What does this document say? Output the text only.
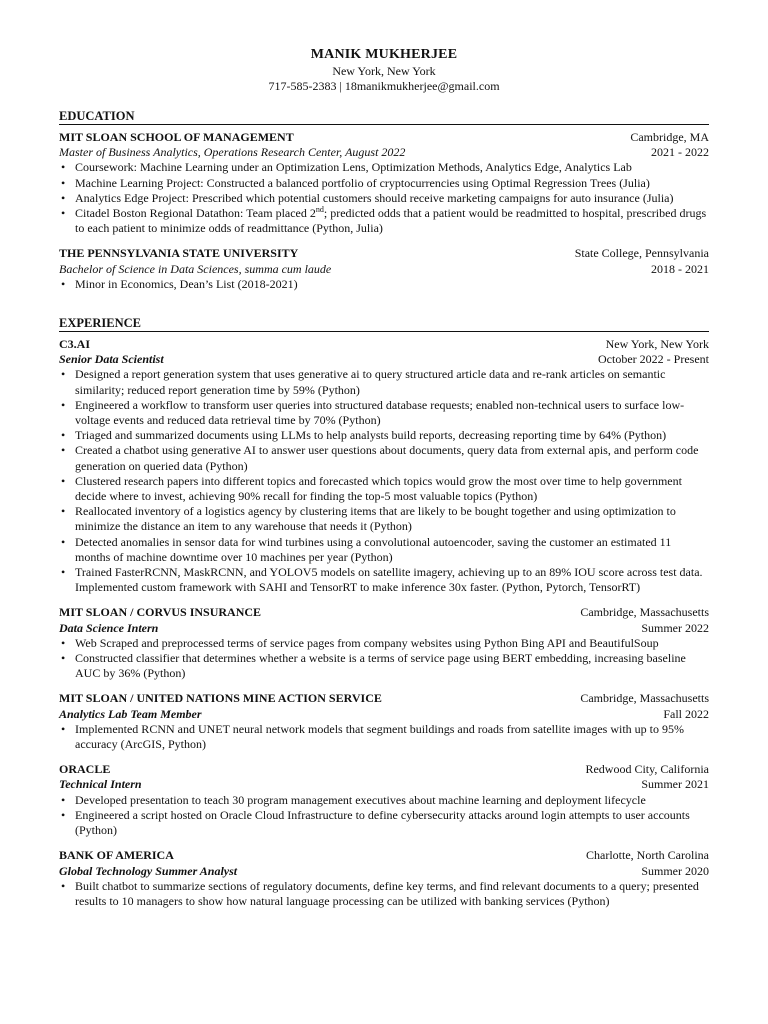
MANIK MUKHERJEE
New York, New York
717-585-2383 | 18manikmukherjee@gmail.com
EDUCATION
MIT SLOAN SCHOOL OF MANAGEMENT	Cambridge, MA
Master of Business Analytics, Operations Research Center, August 2022	2021 - 2022
• Coursework: Machine Learning under an Optimization Lens, Optimization Methods, Analytics Edge, Analytics Lab
• Machine Learning Project: Constructed a balanced portfolio of cryptocurrencies using Optimal Regression Trees (Julia)
• Analytics Edge Project: Prescribed which potential customers should receive marketing campaigns for auto insurance (Julia)
• Citadel Boston Regional Datathon: Team placed 2nd; predicted odds that a patient would be readmitted to hospital, prescribed drugs to each patient to minimize odds of readmittance (Python, Julia)
THE PENNSYLVANIA STATE UNIVERSITY	State College, Pennsylvania
Bachelor of Science in Data Sciences, summa cum laude	2018 - 2021
• Minor in Economics, Dean’s List (2018-2021)
EXPERIENCE
C3.AI	New York, New York
Senior Data Scientist	October 2022 - Present
• Designed a report generation system that uses generative ai to query structured article data and re-rank articles on semantic similarity; reduced report generation time by 59% (Python)
• Engineered a workflow to transform user queries into structured database requests; enabled non-technical users to surface low-voltage events and reduced data retrieval time by 70% (Python)
• Triaged and summarized documents using LLMs to help analysts build reports, decreasing reporting time by 64% (Python)
• Created a chatbot using generative AI to answer user questions about documents, query data from external apis, and perform code generation on queried data (Python)
• Clustered research papers into different topics and forecasted which topics would grow the most over time to help government decide where to invest, achieving 90% recall for finding the top-5 most valuable topics (Python)
• Reallocated inventory of a logistics agency by clustering items that are likely to be bought together and using optimization to minimize the distance an item to any warehouse that needs it (Python)
• Detected anomalies in sensor data for wind turbines using a convolutional autoencoder, saving the customer an estimated 11 months of machine downtime over 10 machines per year (Python)
• Trained FasterRCNN, MaskRCNN, and YOLOV5 models on satellite imagery, achieving up to an 89% IOU score across test data. Implemented custom framework with SAHI and TensorRT to make inference 30x faster. (Python, Pytorch, TensorRT)
MIT SLOAN / CORVUS INSURANCE	Cambridge, Massachusetts
Data Science Intern	Summer 2022
• Web Scraped and preprocessed terms of service pages from company websites using Python Bing API and BeautifulSoup
• Constructed classifier that determines whether a website is a terms of service page using BERT embedding, increasing baseline AUC by 36% (Python)
MIT SLOAN / UNITED NATIONS MINE ACTION SERVICE	Cambridge, Massachusetts
Analytics Lab Team Member	Fall 2022
• Implemented RCNN and UNET neural network models that segment buildings and roads from satellite images with up to 95% accuracy (ArcGIS, Python)
ORACLE	Redwood City, California
Technical Intern	Summer 2021
• Developed presentation to teach 30 program management executives about machine learning and deployment lifecycle
• Engineered a script hosted on Oracle Cloud Infrastructure to define cybersecurity attacks around login attempts to user accounts (Python)
BANK OF AMERICA	Charlotte, North Carolina
Global Technology Summer Analyst	Summer 2020
• Built chatbot to summarize sections of regulatory documents, define key terms, and find relevant documents to a query; presented results to 10 managers to show how natural language processing can be utilized with banking services (Python)
